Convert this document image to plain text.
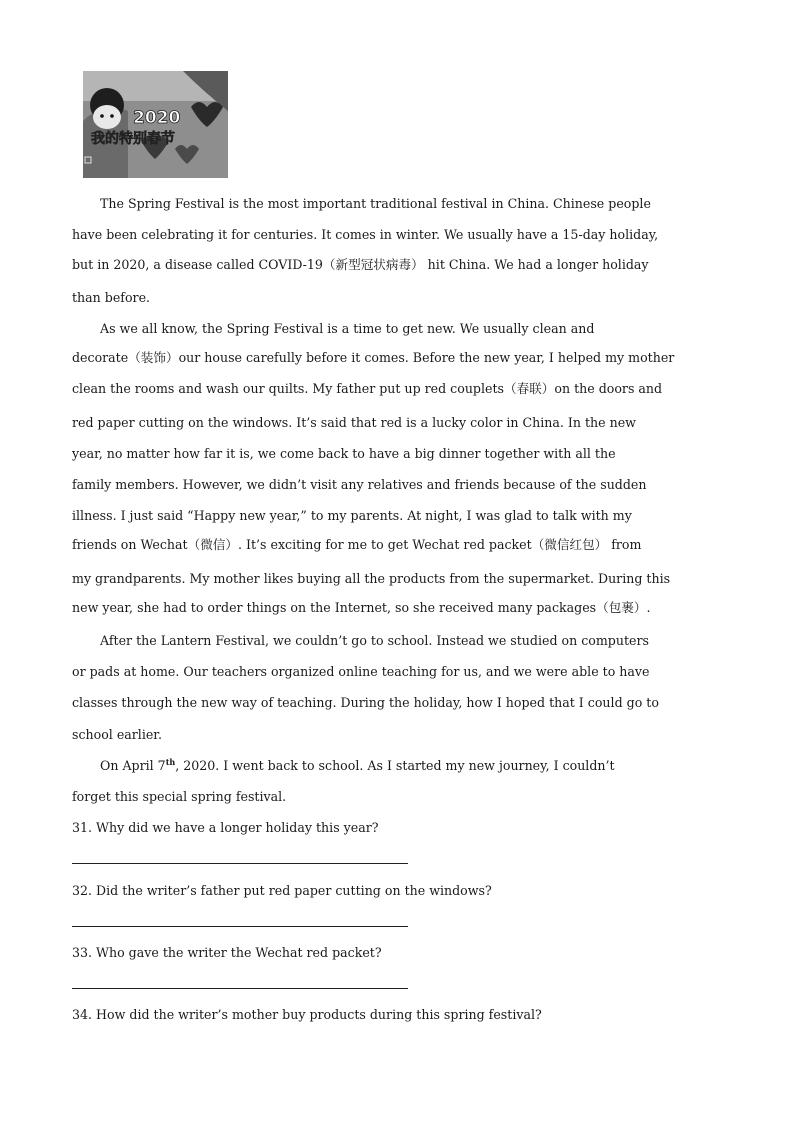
2020
我的特别春节
The Spring Festival is the most important traditional festival in China. Chinese people
have been celebrating it for centuries. It comes in winter. We usually have a 15-day holiday,
but in 2020, a disease called COVID-19（新型冠状病毒） hit China. We had a longer holiday
than before.
As we all know, the Spring Festival is a time to get new. We usually clean and
decorate（装饰）our house carefully before it comes. Before the new year, I helped my mother
clean the rooms and wash our quilts. My father put up red couplets（春联）on the doors and
red paper cutting on the windows. It’s said that red is a lucky color in China. In the new
year, no matter how far it is, we come back to have a big dinner together with all the
family members. However, we didn’t visit any relatives and friends because of the sudden
illness. I just said “Happy new year,” to my parents. At night, I was glad to talk with my
friends on Wechat（微信）. It’s exciting for me to get Wechat red packet（微信红包） from
my grandparents. My mother likes buying all the products from the supermarket. During this
new year, she had to order things on the Internet, so she received many packages（包裹）.
After the Lantern Festival, we couldn’t go to school. Instead we studied on computers
or pads at home. Our teachers organized online teaching for us, and we were able to have
classes through the new way of teaching. During the holiday, how I hoped that I could go to
school earlier.
On April 7th, 2020. I went back to school. As I started my new journey, I couldn’t
forget this special spring festival.
31. Why did we have a longer holiday this year?
32. Did the writer’s father put red paper cutting on the windows?
33. Who gave the writer the Wechat red packet?
34. How did the writer’s mother buy products during this spring festival?
